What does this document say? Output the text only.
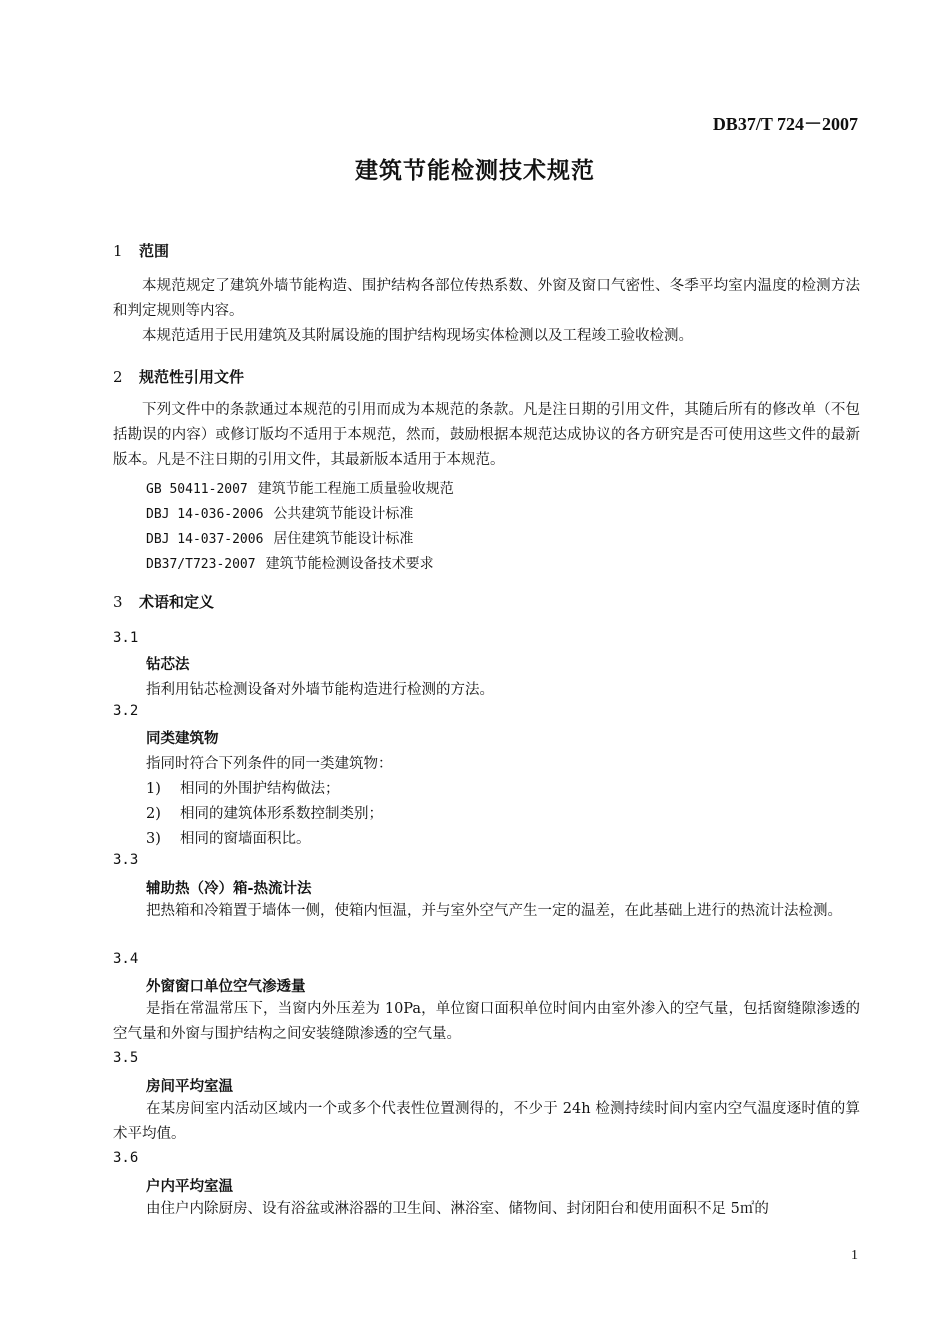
DB37/T 724－2007
建筑节能检测技术规范
1 范围

本规范规定了建筑外墙节能构造、围护结构各部位传热系数、外窗及窗口气密性、冬季平均室内温度的检测方法和判定规则等内容。

本规范适用于民用建筑及其附属设施的围护结构现场实体检测以及工程竣工验收检测。

2 规范性引用文件

下列文件中的条款通过本规范的引用而成为本规范的条款。凡是注日期的引用文件，其随后所有的修改单（不包括勘误的内容）或修订版均不适用于本规范，然而，鼓励根据本规范达成协议的各方研究是否可使用这些文件的最新版本。凡是不注日期的引用文件，其最新版本适用于本规范。

GB 50411-2007 建筑节能工程施工质量验收规范
DBJ 14-036-2006 公共建筑节能设计标准
DBJ 14-037-2006 居住建筑节能设计标准
DB37/T723-2007 建筑节能检测设备技术要求
3 术语和定义
3.1
钻芯法
指利用钻芯检测设备对外墙节能构造进行检测的方法。
3.2
同类建筑物
指同时符合下列条件的同一类建筑物：
1) 相同的外围护结构做法；
2) 相同的建筑体形系数控制类别；
3) 相同的窗墙面积比。
3.3
辅助热（冷）箱-热流计法
把热箱和冷箱置于墙体一侧，使箱内恒温，并与室外空气产生一定的温差，在此基础上进行的热流计法检测。
3.4
外窗窗口单位空气渗透量
是指在常温常压下，当窗内外压差为 10Pa，单位窗口面积单位时间内由室外渗入的空气量，包括窗缝隙渗透的空气量和外窗与围护结构之间安装缝隙渗透的空气量。
3.5
房间平均室温
在某房间室内活动区域内一个或多个代表性位置测得的，不少于 24h 检测持续时间内室内空气温度逐时值的算术平均值。
3.6
户内平均室温
由住户内除厨房、设有浴盆或淋浴器的卫生间、淋浴室、储物间、封闭阳台和使用面积不足 5㎡的
1
